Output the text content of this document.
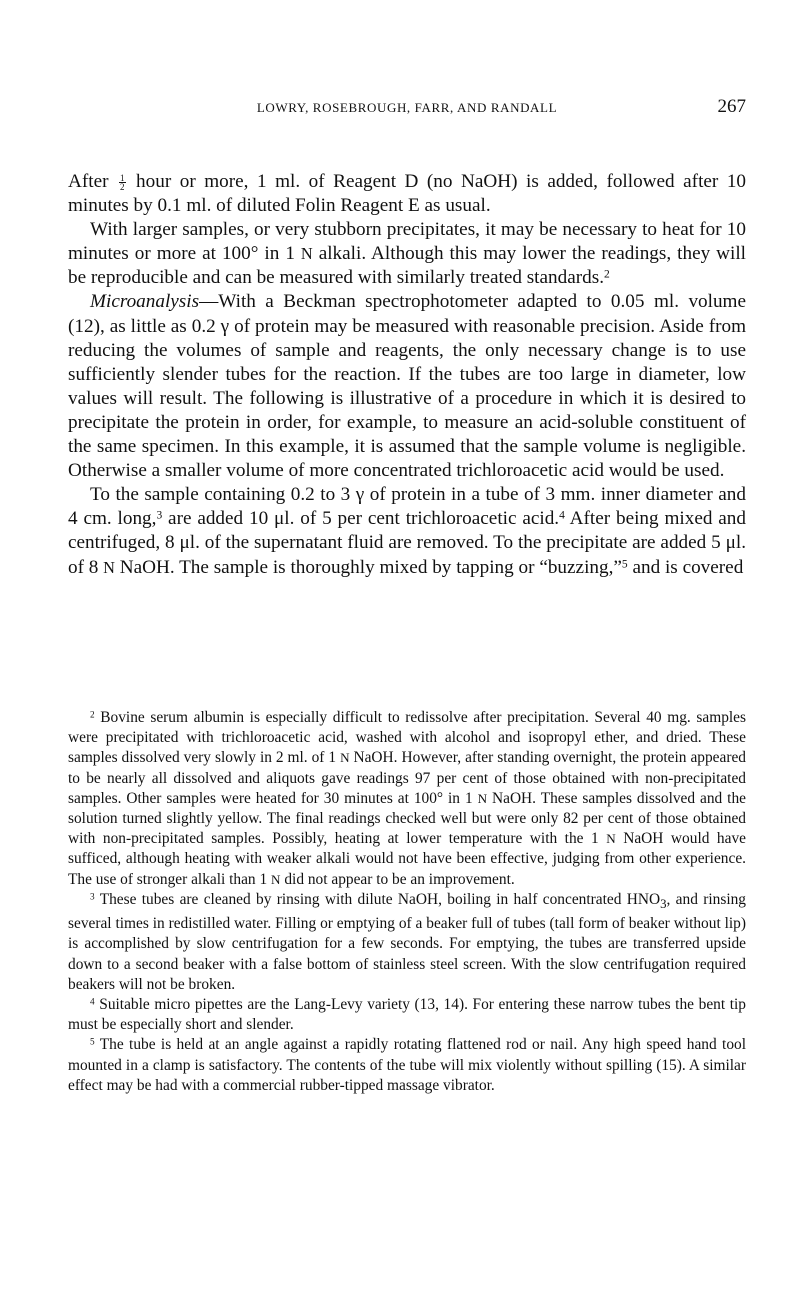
LOWRY, ROSEBROUGH, FARR, AND RANDALL	267

After $\frac{1}{2}$ hour or more, 1 ml. of Reagent D (no NaOH) is added, followed after 10 minutes by 0.1 ml. of diluted Folin Reagent E as usual.

With larger samples, or very stubborn precipitates, it may be necessary to heat for 10 minutes or more at 100° in 1 N alkali. Although this may lower the readings, they will be reproducible and can be measured with similarly treated standards.$^2$

Microanalysis—With a Beckman spectrophotometer adapted to 0.05 ml. volume (12), as little as 0.2 γ of protein may be measured with reasonable precision. Aside from reducing the volumes of sample and reagents, the only necessary change is to use sufficiently slender tubes for the reaction. If the tubes are too large in diameter, low values will result. The following is illustrative of a procedure in which it is desired to precipitate the protein in order, for example, to measure an acid-soluble constituent of the same specimen. In this example, it is assumed that the sample volume is negligible. Otherwise a smaller volume of more concentrated trichloroacetic acid would be used.

To the sample containing 0.2 to 3 γ of protein in a tube of 3 mm. inner diameter and 4 cm. long,$^3$ are added 10 μl. of 5 per cent trichloroacetic acid.$^4$ After being mixed and centrifuged, 8 μl. of the supernatant fluid are removed. To the precipitate are added 5 μl. of 8 N NaOH. The sample is thoroughly mixed by tapping or “buzzing,”$^5$ and is covered

$^2$ Bovine serum albumin is especially difficult to redissolve after precipitation. Several 40 mg. samples were precipitated with trichloroacetic acid, washed with alcohol and isopropyl ether, and dried. These samples dissolved very slowly in 2 ml. of 1 N NaOH. However, after standing overnight, the protein appeared to be nearly all dissolved and aliquots gave readings 97 per cent of those obtained with non-precipitated samples. Other samples were heated for 30 minutes at 100° in 1 N NaOH. These samples dissolved and the solution turned slightly yellow. The final readings checked well but were only 82 per cent of those obtained with non-precipitated samples. Possibly, heating at lower temperature with the 1 N NaOH would have sufficed, although heating with weaker alkali would not have been effective, judging from other experience. The use of stronger alkali than 1 N did not appear to be an improvement.

$^3$ These tubes are cleaned by rinsing with dilute NaOH, boiling in half concentrated $HNO_3$, and rinsing several times in redistilled water. Filling or emptying of a beaker full of tubes (tall form of beaker without lip) is accomplished by slow centrifugation for a few seconds. For emptying, the tubes are transferred upside down to a second beaker with a false bottom of stainless steel screen. With the slow centrifugation required beakers will not be broken.

$^4$ Suitable micro pipettes are the Lang-Levy variety (13, 14). For entering these narrow tubes the bent tip must be especially short and slender.

$^5$ The tube is held at an angle against a rapidly rotating flattened rod or nail. Any high speed hand tool mounted in a clamp is satisfactory. The contents of the tube will mix violently without spilling (15). A similar effect may be had with a commercial rubber-tipped massage vibrator.
